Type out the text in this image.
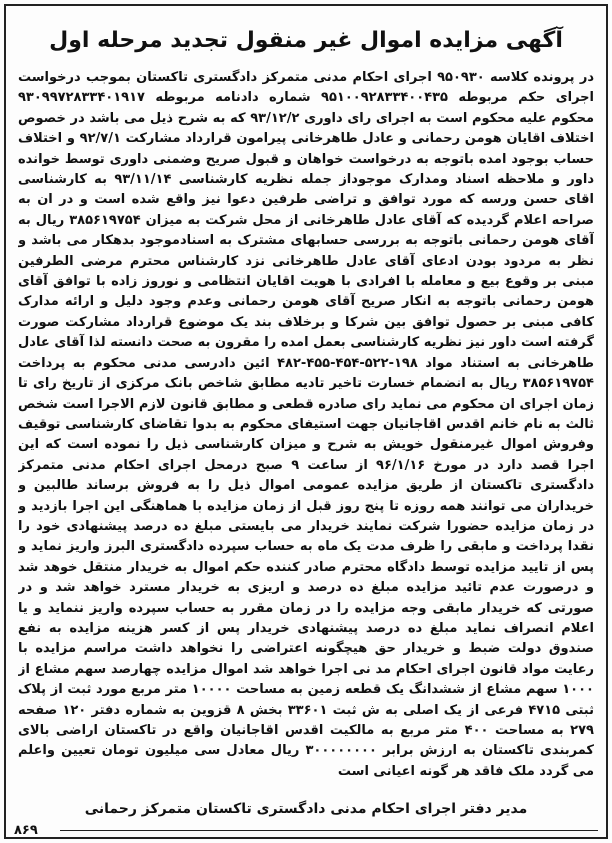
آگهی مزایده اموال غیر منقول تجدید مرحله اول

در پرونده کلاسه ۹۵۰۹۳۰ اجرای احکام مدنی متمرکز دادگستری تاکستان بموجب درخواست اجرای حکم مربوطه ۹۵۱۰۰۹۲۸۳۳۴۰۰۴۳۵ شماره دادنامه مربوطه ۹۳۰۹۹۷۲۸۳۳۴۰۱۹۱۷ محکوم علیه محکوم است به اجرای رای داوری ۹۳/۱۲/۲ که به شرح ذیل می باشد در خصوص اختلاف اقایان هومن رحمانی و عادل طاهرخانی پیرامون قرارداد مشارکت ۹۲/۷/۱ و اختلاف حساب بوجود امده باتوجه به درخواست خواهان و قبول صریح وضمنی داوری توسط خوانده داور و ملاحظه اسناد ومدارک موجوداز جمله نظریه کارشناسی ۹۳/۱۱/۱۴ به کارشناسی اقای حسن ورسه که مورد توافق و تراضی طرفین دعوا نیز واقع شده است و در ان به صراحه اعلام گردیده که آقای عادل طاهرخانی از محل شرکت به میزان ۳۸۵۶۱۹۷۵۴ ریال به آقای هومن رحمانی باتوجه به بررسی حسابهای مشترک به اسنادموجود بدهکار می باشد و نظر به مردود بودن ادعای آقای عادل طاهرخانی نزد کارشناس محترم مرضی الطرفین مبنی بر وقوع بیع و معامله با افرادی با هویت اقایان انتظامی و نوروز زاده با توافق آقای هومن رحمانی باتوجه به انکار صریح آقای هومن رحمانی وعدم وجود دلیل و ارائه مدارک کافی مبنی بر حصول توافق بین شرکا و برخلاف بند یک موضوع قرارداد مشارکت صورت گرفته است داور نیز نظریه کارشناسی بعمل امده را مقرون به صحت دانسته لذا آقای عادل طاهرخانی به استناد مواد ۱۹۸-۵۲۲-۴۵۴-۴۵۵-۴۸۲ ائین دادرسی مدنی محکوم به پرداخت ۳۸۵۶۱۹۷۵۴ ریال به انضمام خسارت تاخیر تادیه مطابق شاخص بانک مرکزی از تاریخ رای تا زمان اجرای ان محکوم می نماید رای صادره قطعی و مطابق قانون لازم الاجرا است شخص ثالث به نام خانم اقدس اقاجانیان جهت استیفای محکوم به بدوا تقاضای کارشناسی توقیف وفروش اموال غیرمنقول خویش به شرح و میزان کارشناسی ذیل را نموده است که این اجرا قصد دارد در مورخ ۹۶/۱/۱۶ از ساعت ۹ صبح درمحل اجرای احکام مدنی متمرکز دادگستری تاکستان از طریق مزایده عمومی اموال ذیل را به فروش برساند طالبین و خریداران می توانند همه روزه تا پنج روز قبل از زمان مزایده با هماهنگی این اجرا بازدید و در زمان مزایده حضورا شرکت نمایند خریدار می بایستی مبلغ ده درصد پیشنهادی خود را نقدا پرداخت و مابقی را ظرف مدت یک ماه به حساب سپرده دادگستری البرز واریز نماید و پس از تایید مزایده توسط دادگاه محترم صادر کننده حکم اموال به خریدار منتقل خوهد شد و درصورت عدم تائید مزایده مبلغ ده درصد و اریزی به خریدار مسترد خواهد شد و در صورتی که خریدار مابقی وجه مزایده را در زمان مقرر به حساب سپرده واریز ننماید و یا اعلام انصراف نماید مبلغ ده درصد پیشنهادی خریدار پس از کسر هزینه مزایده به نفع صندوق دولت ضبط و خریدار حق هیچگونه اعتراضی را نخواهد داشت مراسم مزایده با رعایت مواد قانون اجرای احکام مد نی اجرا خواهد شد اموال مزایده چهارصد سهم مشاع از ۱۰۰۰ سهم مشاع از ششدانگ یک قطعه زمین به مساحت ۱۰۰۰۰ متر مربع مورد ثبت از پلاک ثبتی ۴۷۱۵ فرعی از یک اصلی به ش ثبت ۳۳۶۰۱ بخش ۸ قزوین به شماره دفتر ۱۲۰ صفحه ۲۷۹ به مساحت ۴۰۰ متر مربع به مالکیت اقدس اقاجانیان واقع در تاکستان اراضی بالای کمربندی تاکستان به ارزش برابر ۳۰۰۰۰۰۰۰۰ ریال معادل سی میلیون تومان تعیین واعلم می گردد ملک فاقد هر گونه اعیانی است

مدیر دفتر اجرای احکام مدنی دادگستری تاکستان متمرکز رحمانی

۸۶۹
